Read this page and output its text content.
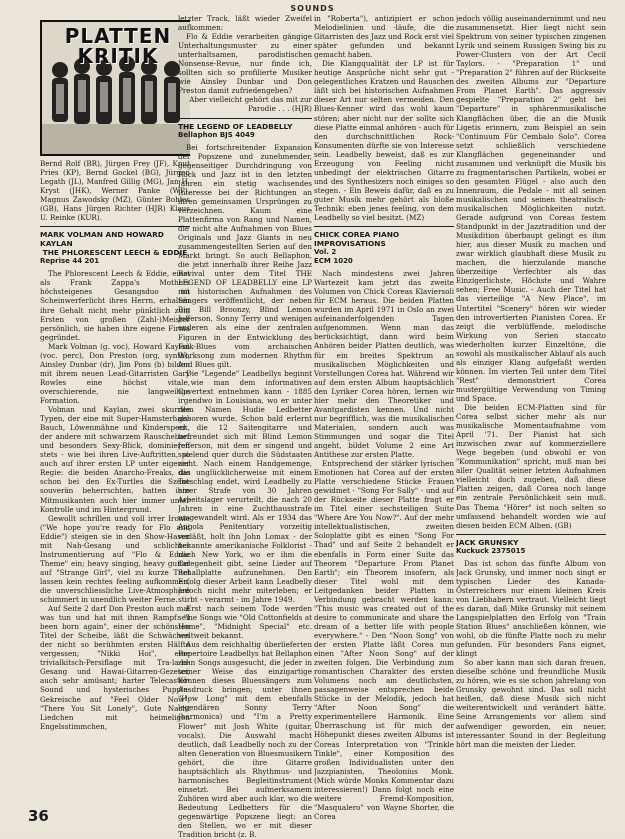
SOUNDS
PLATTEN KRITIK

Bernd Rolf (BR), Jürgen Frey (JF), Knut Pries (KP), Bernd Gockel (BG), Jürgen Legath (JL), Manfred Gillig (MG), Jan H. Kryst (JHK), Werner Panke (WP), Magnus Zawodsky (MZ), Günter Bohles (GB), Hans Jürgen Richter (HJR) Klaus U. Reinke (KUR).

MARK VOLMAN AND HOWARD KAYLAN
THE PHLORESCENT LEECH & EDDIE
Reprise 44 201

The Phlorescent Leech & Eddie, einst als Frank Zappa's Mothers höchsteigenes Gesangsduo im Scheinwerferlicht ihres Herrn, erhalten ihre Gehalt nicht mehr pünktlich zum Ersten von großen (Zahl-)Meister persönlich, sie haben ihre eigene Firma gegründet.

Mark Volman (g. voc), Howard Kaylan (voc. perc), Don Preston (org, synth), Ainsley Dunbar (dr), Jim Pons (b) bilden mit ihrem neuen Lead-Gitarristen Gary Rowles eine höchst vitale, overschierende, nie langweilige Formation.

Volman und Kaylan, zwei skurrile Typen, der eine mit Super-Hamsterhals-Bauch, Löwenmähne und Kinderspeck, der andere mit schwarzem Rauschebart und besonders Sexy-Blick, dominieren stets - wie bei ihren Live-Auftritten, so auch auf ihrer ersten LP unter eigener Regie: die beiden Anarcho-Freaks, die schon bei den Ex-Turtles die Szene souverän beherrschten, hatten ihre Mitmusikanten auch hier immer unter Kontrolle und im Hintergrund.

Gewollt schrillen und voll irrer Ironie ("We hope you're ready for Flo and Eddie") steigen sie in den Show-Hasen mit Nah-Gesang und schlichter Instrumentierung auf "Flo & Eddie Theme" ein; heavy singing, heavy guitar auf "Strange Girl", viel zu kurze Titel lassen kein rechtes feeling aufkommen, die unverschliessliche Live-Atmosphäre schimmert in unendlich weiter Ferne.

Auf Seite 2 darf Don Preston auch mal was tun und hat mit ihnen Rampf: "I been born again", einer der schönsten Titel der Scheibe, läßt die Schwächen der nicht so berühmten ersten Hälfte vergessen; "Nikki Hoi", eine trivialkitsch-Persiflage mit Tra-la-la-Gesang und Hawai-Gitarren-Gezeter, auch sehr amüsant; harter Telecaster-Sound und hysterisches Pupple-Gekreische auf "Feel Older Now"; "There You Sit Lonely", Gute Nacht Liedchen mit heimeligen Engelsstimmchen,

letzter Track, läßt wieder Zweifel aufkommen:

Flo & Eddie verarbeiten gängige Unterhaltungsmuster zu einer unterhaltsamen, parodistischen Nonsense-Revue, nur finde ich, sollten sich so profilierte Musiker wie Ainsley Dunbar und Don Preston damit zufriedengeben?

Aber vielleicht gehört das mit zur Parodie . . . (HJR)

THE LEGEND OF LEADBELLY
Bellaphon BJS 4049

Bei fortschreitender Expansion der Popszene und zunehmender, gegenseitiger Durchdringung von Rock und Jazz ist in den letzten Jahren ein stetig wachsendes Interesse bei der Richtungen an ihren gemeinsamen Ursprüngen zu verzeichnen. Kaum eine Plattenfirma von Rang und Namen, die nicht alte Aufnahmen von Blues Originals und Jazz Giants in neu zusammengestellten Serien auf den Markt bringt. So auch Bellaphon, die jetzt innerhalb ihrer Reihe Jazz Revival unter dem Titel THE LEGEND OF LEADBELLY eine LP mit historischen Aufnahmen des Sängers veröffentlicht, der neben Big Bill Broonzy, Blind Lemon Jefferson, Sonny Terry und wenigen anderen als eine der zentralen Figuren in der Entwicklung des Folk-Blues vom archaischen Worksong zum modernen Rhythm And Blues gilt.

Die "Legende" Leadbellys beginnt - wie man dem informativen Covertext entnehmen kann - 1885 irgendwo in Louisiana, wo er unter dem Namen Hudie Ledbetter geboren wurde. Schon bald erlernt er die 12 Saitengitarre und befreundet sich mit Blind Lemon Jefferson, mit dem er singend und spielend quer durch die Südstaaten zieht. Nach einem Handgemenge, das unglücklicherweise mit einem Totschlag endet, wird Leadbelly zu einer Strafe von 30 Jahren Arbeitslager verurteilt, die nach 20 Jahren in eine Zuchthausstrafe umgewandelt wird. Als er 1934 das Angola Penitentiary vorzeitig verläßt, holt ihn John Lomax - der bekannte amerikanische Folklorist - nach New York, wo er ihm die Gelegenheit gibt, seine Lieder auf Schallplatte aufzunehmen. Den Erfolg dieser Arbeit kann Leadbelly jedoch nicht mehr miterleben; er stirbt - verarmt - im Jahre 1949.

Erst nach seinem Tode werden seine Songs wie "Old Cottonfields at Home", "Midnight Special" etc. weltweit bekannt.

Aus dem reichhaltig überlieferten Repertoire Leadbellys hat Bellaphon zehn Songs ausgesucht, die jeder in seiner Weise das einzigartige Können dieses Bluessängers zum Ausdruck bringen; unter ihnen "How Long" mit dem ebenfalls legendären Sonny Terry (harmonica) und "I'm a Pretty Flower" mit Josh White (guitar, vocals). Die Auswahl macht deutlich, daß Leadbelly noch zu der alten Generation von Bluesmusikern gehört, die ihre Gitarre hauptsächlich als Rhythmus- und harmonisches Begleitinstrument einsetzt. Bei aufmerksamem Zuhören wird aber auch klar, wo die Bedeutung Ledbetters für die gegenwärtige Popszene liegt: an den Stellen, wo er mit dieser Tradition bricht (z. B.

in "Roberta"), antizipiert er schon Melodielinien und -läufe, die die Gitarristen des Jazz und Rock erst viel später gefunden und bekannt gemacht haben.

Die Klangqualität der LP ist für heutige Ansprüche nicht sehr gut - gelegentliches Kratzen und Rauschen läßt sich bei historischen Aufnahmen dieser Art nur selten vermeiden. Den Blues-Kenner wird das wohl kaum stören; aber nicht nur der sollte sich diese Platte einmal anhören - auch für den durchschnittlichen Rock-Konsumenten dürfte sie von Interesse sein. Leadbelly beweist, daß es zur Erzeugung von Feeling nicht unbedingt der elektrischen Gitarre und des Synthesizers noch einiges so stegen. - Ein Beweis dafür, daß es zu guter Musik mehr gehört als bloße Technik: eben jenes feeling, von dem Leadbelly so viel besitzt. (MZ)

CHICK COREA PIANO IMPROVISATIONS
Vol. 2
ECM 1020

Nach mindestens zwei Jahren Wartezeit kam jetzt das zweite Volumen von Chick Coreas Klaviersoli für ECM heraus. Die beiden Platten wurden im April 1971 in Oslo an zwei aufeinanderfolgenden Tagen aufgenommen. Wenn man das berücksichtigt, dann wird beim Anhören beider Platten deutlich, was für ein breites Spektrum an musikalischen Möglichkeiten und Vorstellungen Corea hat. Während wir auf dem ersten Album hauptsächlich den Lyriker Corea hören, lernen wir hier mehr den Theoretiker und Avantgardisten kennen. Und nicht nur begrifflich, was die musikalischen Materialen, sondern auch was Stimmungen und sogar die Titel angeht, bildet Volume 2 eine Art Antithese zur ersten Platte.

Entsprechend der stärker lyrischen Emotionen hat Corea auf der ersten Platte verschiedene Stücke Frauen gewidmet - "Song For Sally" - und auf der Rückseite dieser Platte fragt er im Titel einer sechsteiligen Suite "Where Are You Now?". Auf der mehr intellektualistischen, zweiten Soloplatte gibt es einen "Song For Thad" und auf Seite 2 behandelt er ebenfalls in Form einer Suite das Theorem "Departure From Planet Earth"; ein Theorem insofern, als dieser Titel wohl mit dem Leitgedanken beider Platten in Verbindung gebracht werden kann: "This music was created out of the desire to communicate and share the dream of a better life with people everywhere." - Den "Noon Song" von der ersten Platte läßt Corea nun einen "After Noon Song" auf der zweiten folgen. Die Verbindung zum romantischen Charakter des ersten Volumens noch am deutlichsten, passagenweise entsprechen beide Stücke in der Melodik, jedoch hat "After Noon Song" die experimentellere Harmonik. Eine Überraschung ist für mich der Höhepunkt dieses zweiten Albums ist Coreas Interpretation von "Trinkle Tinkle", einer Komposition des großen Individualisten unter den Jazzpianisten, Theolonius Monk. (Mich würde Monks Kommentar dazu interessieren!) Dann folgt noch eine weitere Fremd-Komposition, "Masqualero" von Wayne Shorter, die Corea

jedoch völlig auseinandernimmt und neu zusammensetzt. Hier liegt nicht sein Spektrum von seiner typischen zingenen Lyrik und seinem Russigen Swing bis zu Power-Clusters von der Art Cecil Taylors. - "Preparation 1" und "Preparation 2" führen auf der Rückseite des zweiten Albums zur "Departure From Planet Earth". Das aggressiv gespielte "Preparation 2" geht bei "Departure" in sphärenmusikalische Klangflächen über, die an die Musik Ligetis erinnern, zum Beispiel an sein "Continuum Für Cembalo Solo". Corea setzt schließlich verschiedene Klangflächen gegeneinander und zusammen und verknüpft die Musik bis zu fragmentarischen Partikeln, wobei er den gesamten Flügel - also auch den Innenraum, die Pedale - mit all seinen musikalischen und seinen theatralisch-musikalischen Möglichkeiten nutzt. Gerade aufgrund von Coreas festem Standpunkt in der Jazztradition und der Musikdition überbaupt gelingt es ihm hier, aus dieser Musik zu machen und zwar wirklich glaubhaft diese Musik zu machen, die hierzulande manche überzeitige Verfechter als das Einzigerlichste, Höchste und Wahre sehen; Free Music. - Auch der Titel hat das vierteilige "A New Place", im Untertitel "Scenery" hören wir wieder den introvertierten Pianisten Corea. Er zeigt die verblüffende, melodische Wirkung von Serien staccato wiederholten kurzer Einzeltöne, die sowohl als musikalischer Ablauf als auch als einziger Klang aufgefaßt werden können. Im vierten Teil unter dem Titel "Rest" demonstriert Corea mustergültige Verwendung von Timing und Space.

Die beiden ECM-Platten sind für Corea selbst sicher mehr als nur musikalische Momentaufnahme vom April '71. Der Pianist hat sich inzwischen zwar auf kommerziellere Wege begeben (und obwohl er von "Kommunikation" spricht, muß man bei aller Qualität seiner letzten Aufnahmen vielleicht doch zugeben, daß diese Platten zeigen, daß Corea noch lange ein zentrale Persönlichkeit sein muß. Das Thema "Hörer" ist noch selten so umfassend behandelt worden wie auf diesen beiden ECM Alben. (GB)

JACK GRUNSKY
Kuckuck 2375015

Das ist schon das fünfte Album von Jack Grunsky, und immer noch singt er typischen Lieder des Kanada-Österreichers nur einem kleinen Kreis von Liebhabern vertraut. Vielleicht liegt es daran, daß Mike Grunsky mit seinem Langspielplatten den Erfolg von "Train Station Blues" anschließen können, wie wohl, ob die fünfte Platte noch zu mehr gefunden. Für besonders Fans eignet, klingt

So aber kann man sich daran freuen, dieselbe schöne und freundliche Musik zu hören, wie es sie schon jahrelang von Grunsky gewohnt sind. Das soll nicht heißen, daß diese Musik sich nicht weiterentwickelt und verändert hätte. Seine Arrangements vor allem sind aufwendiger geworden, ein neuer, interessanter Sound in der Begleitung hört man die meisten der Lieder.

36
